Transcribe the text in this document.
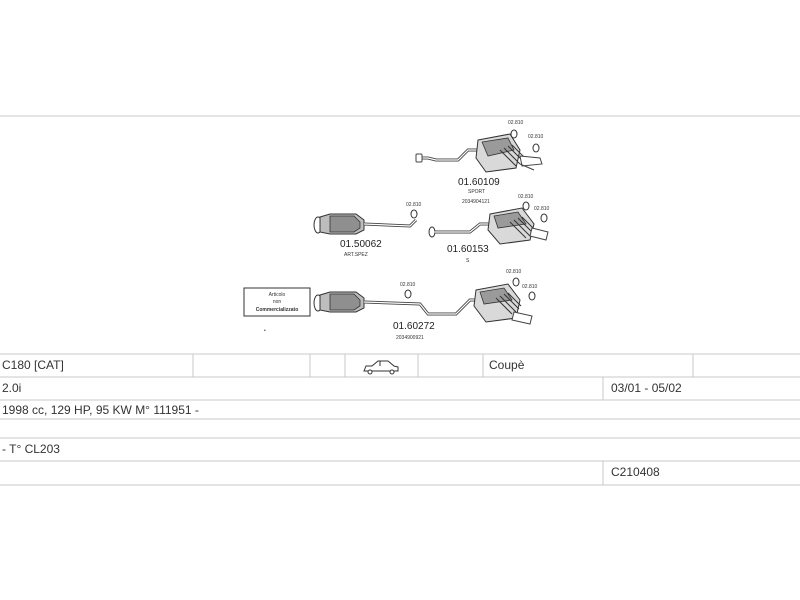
02.810
02.810
01.60109
SPORT
2034904121
02.810
01.50062
ART.SPEZ
02.810
02.810
01.60153
S
Articolo
non
Commercializzato
•
02.810
02.810
02.810
01.60272
2034900921
C180 [CAT]	Coupè
2.0i	03/01 - 05/02
1998 cc, 129 HP, 95 KW M° 111951 -
- T° CL203
C210408
